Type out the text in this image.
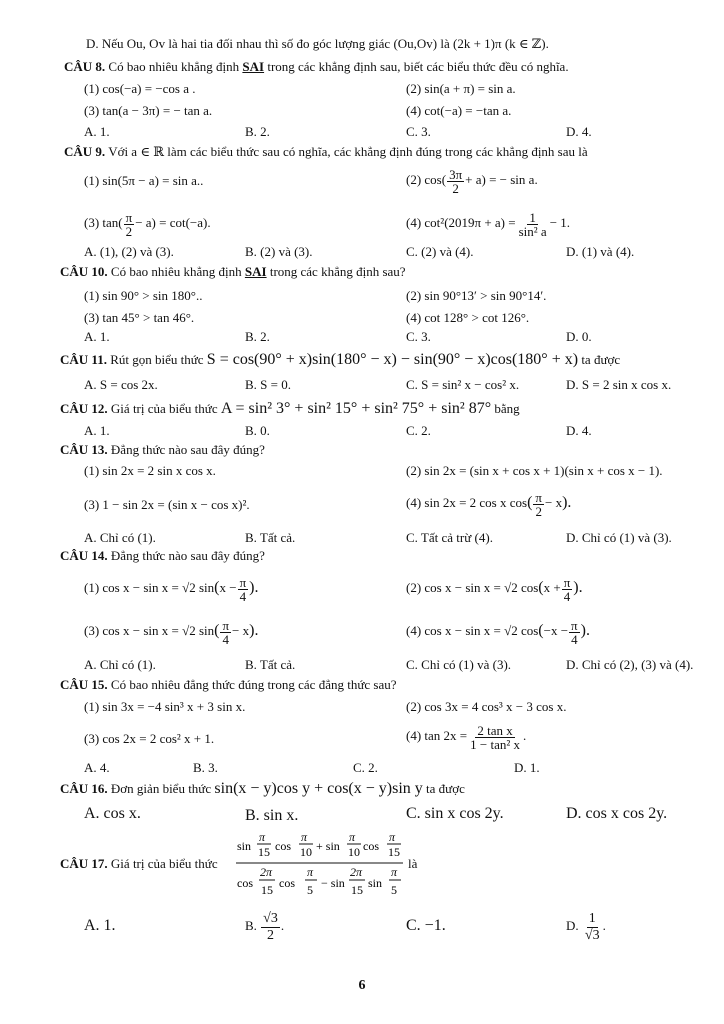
D. Nếu Ou, Ov là hai tia đối nhau thì số đo góc lượng giác (Ou,Ov) là (2k + 1)π (k ∈ ℤ).
CÂU 8. Có bao nhiêu khẳng định SAI trong các khẳng định sau, biết các biểu thức đều có nghĩa.
(1) cos(−a) = −cos a .	(2) sin(a + π) = sin a.
(3) tan(a − 3π) = − tan a.	(4) cot(−a) = −tan a.
A. 1.	B. 2.	C. 3.	D. 4.
CÂU 9. Với a ∈ ℝ làm các biểu thức sau có nghĩa, các khẳng định đúng trong các khẳng định sau là
(1) sin(5π − a) = sin a..	(2) $\cos( \frac{3\pi}{2} + a)$ = − sin a.
(3) $\tan( \frac{\pi}{2} - a) = \cot(-a)$.	(4) $\cot^2(2019\pi + a) = \frac{1}{\text{sin² a}} - 1$.
A. (1), (2) và (3).	B. (2) và (3).	C. (2) và (4).	D. (1) và (4).
CÂU 10. Có bao nhiêu khẳng định SAI trong các khẳng định sau?
(1) sin 90° > sin 180°..	(2) sin 90°13′ > sin 90°14′.
(3) tan 45° > tan 46°.	(4) cot 128° > cot 126°.
A. 1.	B. 2.	C. 3.	D. 0.
CÂU 11. Rút gọn biểu thức S = cos(90° + x)sin(180° − x) − sin(90° − x)cos(180° + x) ta được
A. S = cos 2x.	B. S = 0.	C. S = sin² x − cos² x.	D. S = 2 sin x cos x.
CÂU 12. Giá trị của biểu thức A = sin² 3° + sin² 15° + sin² 75° + sin² 87° bằng
A. 1.	B. 0.	C. 2.	D. 4.
CÂU 13. Đẳng thức nào sau đây đúng?
(1) sin 2x = 2 sin x cos x.	(2) sin 2x = (sin x + cos x + 1)(sin x + cos x − 1).
(3) 1 − sin 2x = (sin x − cos x)².	(4) sin 2x = 2 cos x $\cos( \frac{\pi}{2} - x)$.
A. Chỉ có (1).	B. Tất cả.	C. Tất cả trừ (4).	D. Chỉ có (1) và (3).
CÂU 14. Đẳng thức nào sau đây đúng?
(1) cos x − sin x = √2 $\sin(x - \frac{\pi}{4}$ ).	(2) cos x − sin x = √2 $\cos(x + \frac{\pi}{4}$ ).
(3) cos x − sin x = √2 $\sin( \frac{\pi}{4} - x)$.	(4) cos x − sin x = √2 $\cos(-x - \frac{\pi}{4}$ ).
A. Chỉ có (1).	B. Tất cả.	C. Chỉ có (1) và (3).	D. Chỉ có (2), (3) và (4).
CÂU 15. Có bao nhiêu đẳng thức đúng trong các đẳng thức sau?
(1) sin 3x = −4 sin³ x + 3 sin x.	(2) cos 3x = 4 cos³ x − 3 cos x.
(3) cos 2x = 2 cos² x + 1.	(4) $\tan 2x = \frac{\text{2 tan x}}{\text{1 − tan² x}}$ .
A. 4.	B. 3.	C. 2.	D. 1.
CÂU 16. Đơn giản biểu thức sin(x − y)cos y + cos(x − y)sin y ta được
A. cos x.	B. sin x.	C. sin x cos 2y.	D. cos x cos 2y.
CÂU 17. Giá trị của biểu thức
sin
π
15 cos
π
10 + sin
π
10 cos
π
15
cos
2π
15 cos
π
5 − sin
2π
15 sin
π
5
là
A. 1.	B. $\frac{√3}{2}$ .	C. −1.	D. $\frac{1}{√3}$ .
6
